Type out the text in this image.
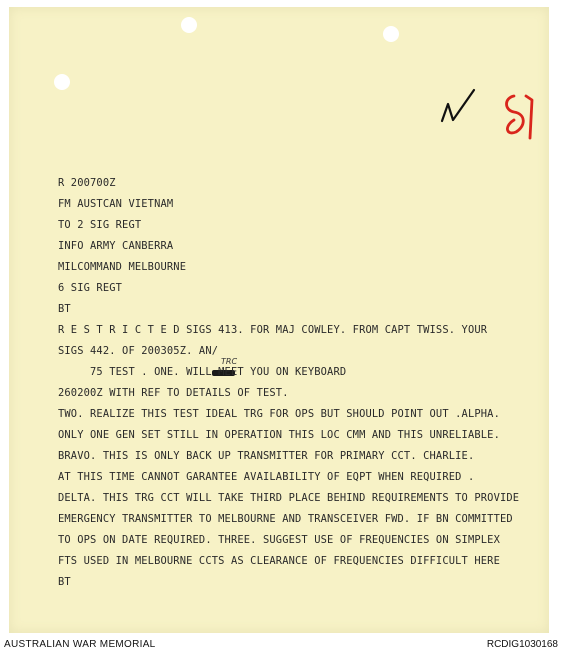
R 200700Z
FM AUSTCAN VIETNAM
TO 2 SIG REGT
INFO ARMY CANBERRA
MILCOMMAND MELBOURNE
6 SIG REGT
BT
R E S T R I C T E D SIGS 413. FOR MAJ COWLEY. FROM CAPT TWISS. YOUR
SIGS 442. OF 200305Z. AN/
TRC
75 TEST . ONE. WILL MEET YOU ON KEYBOARD
260200Z WITH REF TO DETAILS OF TEST.
TWO. REALIZE THIS TEST IDEAL TRG FOR OPS BUT SHOULD POINT OUT .ALPHA.
ONLY ONE GEN SET STILL IN OPERATION THIS LOC CMM AND THIS UNRELIABLE.
BRAVO. THIS IS ONLY BACK UP TRANSMITTER FOR PRIMARY CCT. CHARLIE.
AT THIS TIME CANNOT GARANTEE AVAILABILITY OF EQPT WHEN REQUIRED .
DELTA. THIS TRG CCT WILL TAKE THIRD PLACE BEHIND REQUIREMENTS TO PROVIDE
EMERGENCY TRANSMITTER TO MELBOURNE AND TRANSCEIVER FWD. IF BN COMMITTED
TO OPS ON DATE REQUIRED. THREE. SUGGEST USE OF FREQUENCIES ON SIMPLEX
FTS USED IN MELBOURNE CCTS AS CLEARANCE OF FREQUENCIES DIFFICULT HERE
BT
AUSTRALIAN WAR MEMORIAL	RCDIG1030168
